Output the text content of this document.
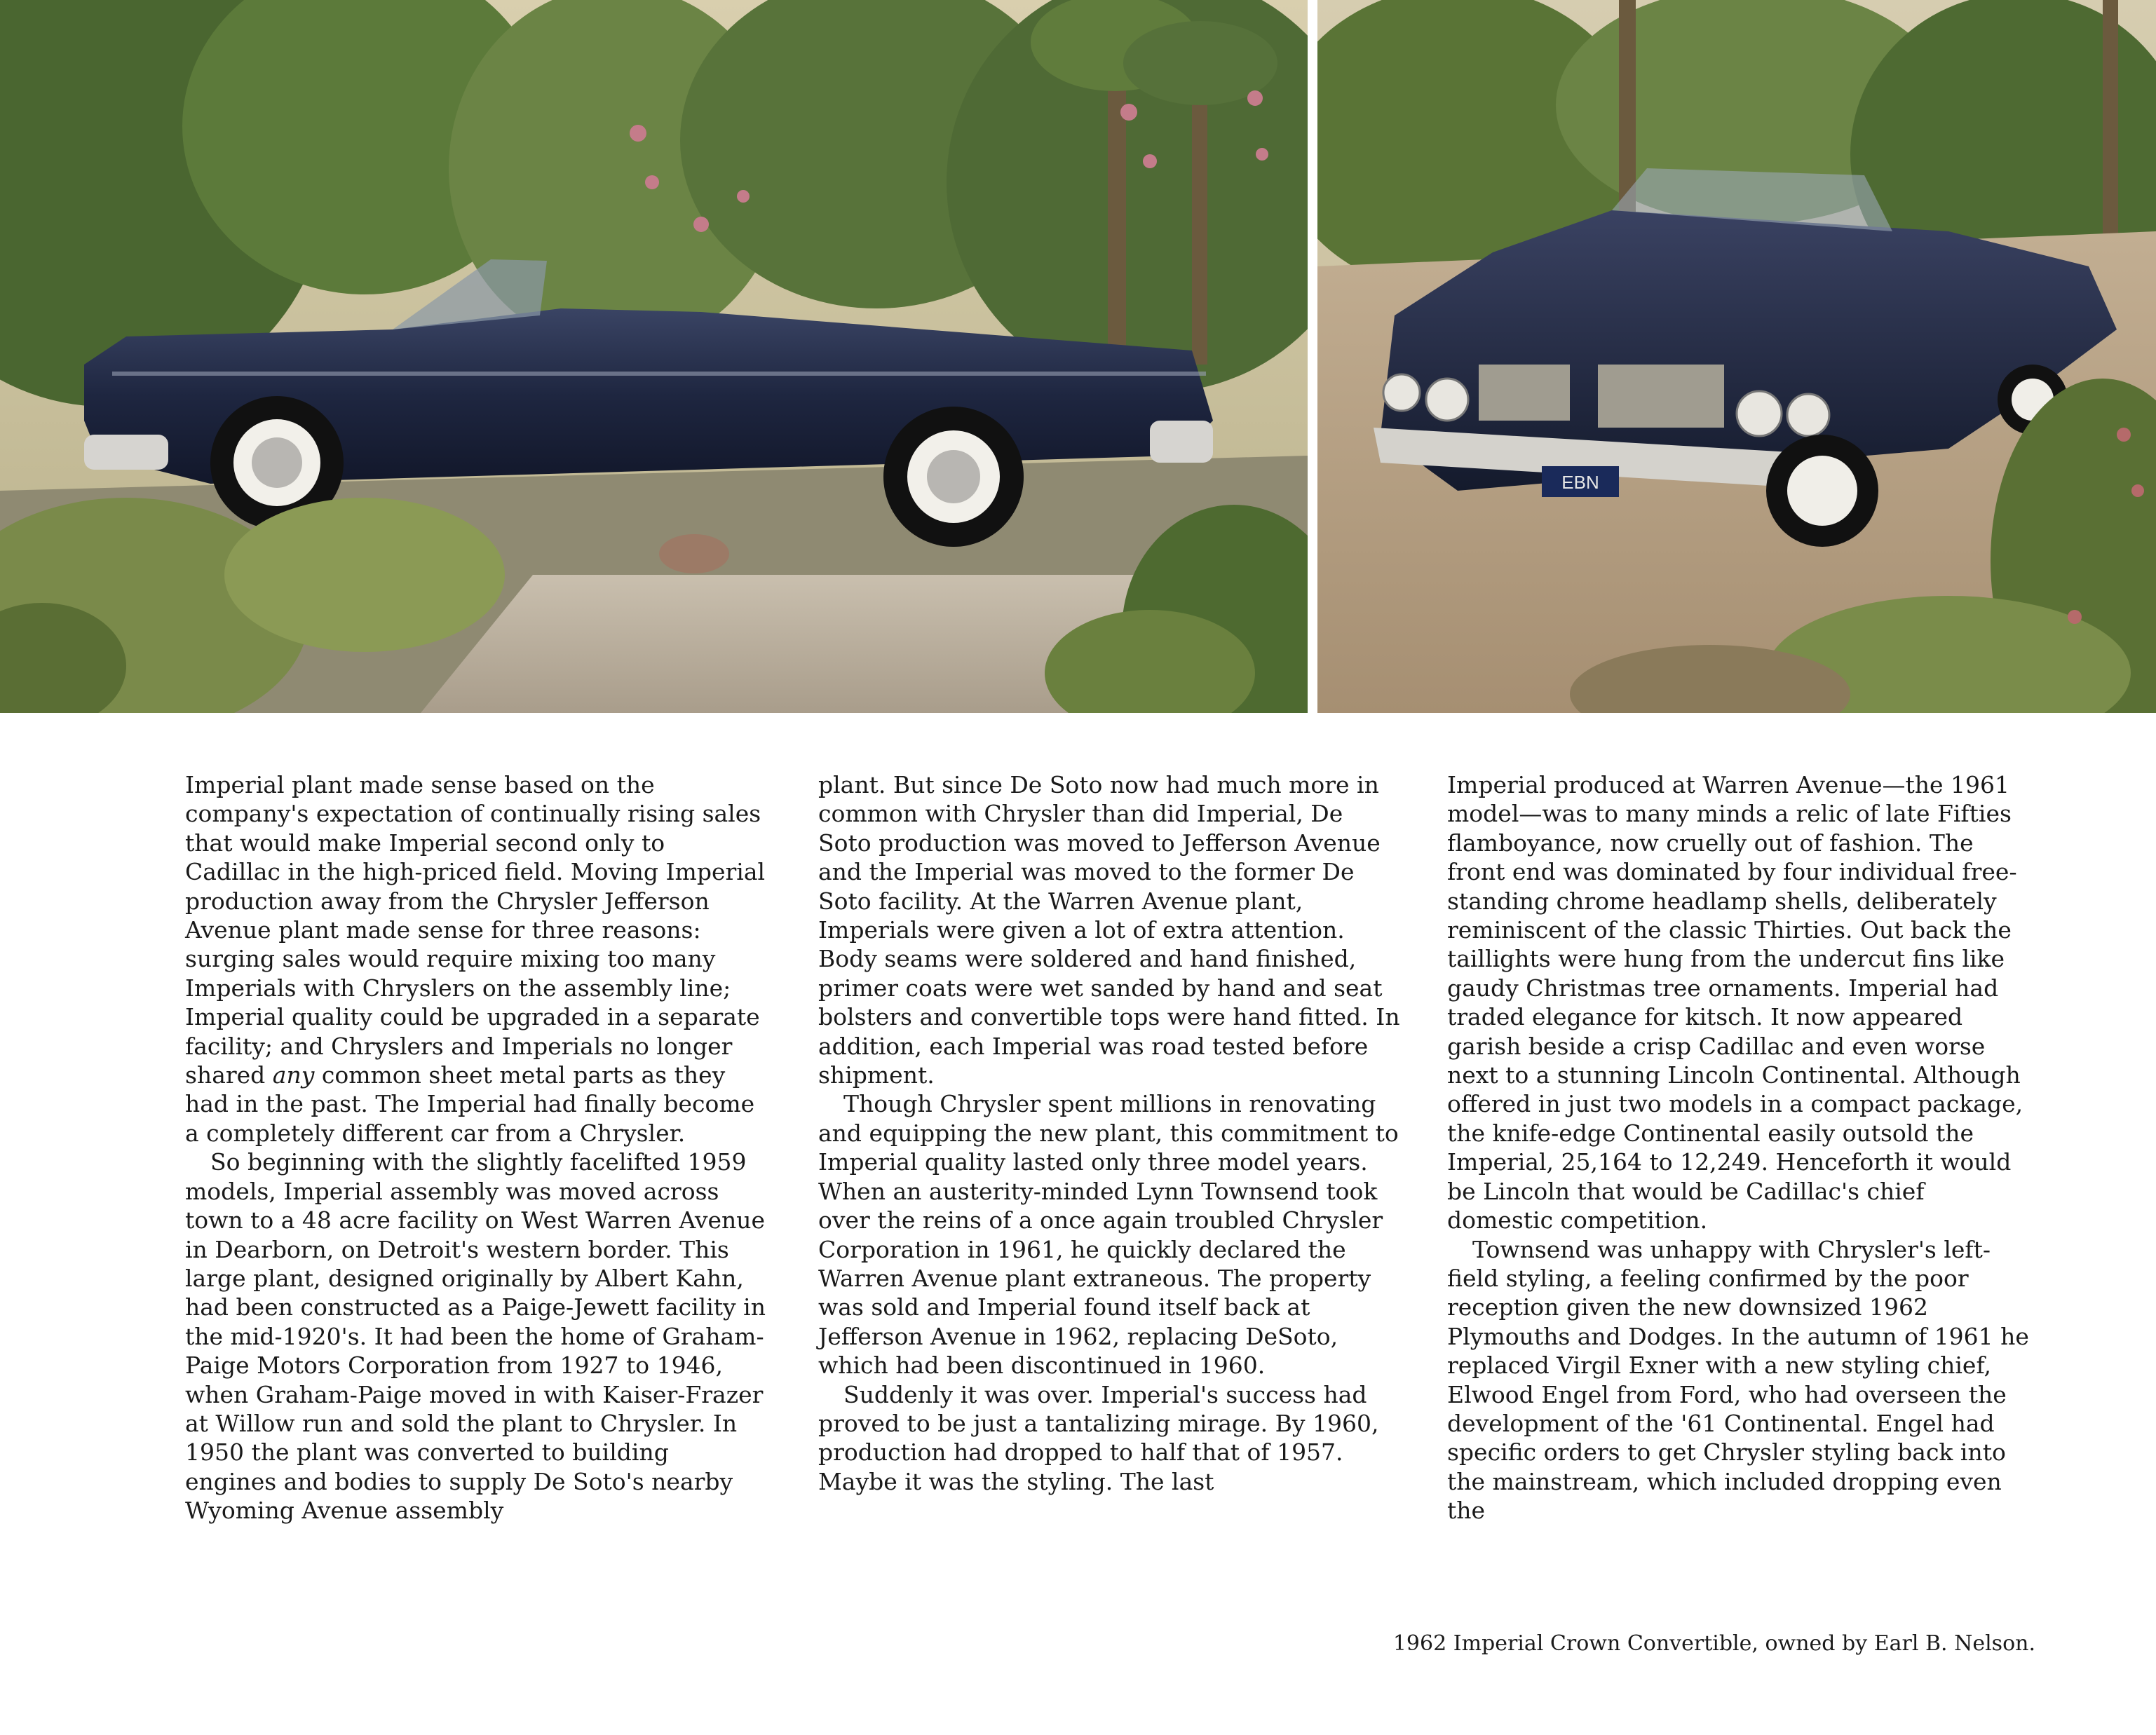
EBN

Imperial plant made sense based on the company's expectation of continually rising sales that would make Imperial second only to Cadillac in the high-priced field. Moving Imperial production away from the Chrysler Jefferson Avenue plant made sense for three reasons: surging sales would require mixing too many Imperials with Chryslers on the assembly line; Imperial quality could be upgraded in a separate facility; and Chryslers and Imperials no longer shared any common sheet metal parts as they had in the past. The Imperial had finally become a completely different car from a Chrysler.

So beginning with the slightly facelifted 1959 models, Imperial assembly was moved across town to a 48 acre facility on West Warren Avenue in Dearborn, on Detroit's western border. This large plant, designed originally by Albert Kahn, had been constructed as a Paige-Jewett facility in the mid-1920's. It had been the home of Graham-Paige Motors Corporation from 1927 to 1946, when Graham-Paige moved in with Kaiser-Frazer at Willow run and sold the plant to Chrysler. In 1950 the plant was converted to building engines and bodies to supply De Soto's nearby Wyoming Avenue assembly

plant. But since De Soto now had much more in common with Chrysler than did Imperial, De Soto production was moved to Jefferson Avenue and the Imperial was moved to the former De Soto facility. At the Warren Avenue plant, Imperials were given a lot of extra attention. Body seams were soldered and hand finished, primer coats were wet sanded by hand and seat bolsters and convertible tops were hand fitted. In addition, each Imperial was road tested before shipment.

Though Chrysler spent millions in renovating and equipping the new plant, this commitment to Imperial quality lasted only three model years. When an austerity-minded Lynn Townsend took over the reins of a once again troubled Chrysler Corporation in 1961, he quickly declared the Warren Avenue plant extraneous. The property was sold and Imperial found itself back at Jefferson Avenue in 1962, replacing DeSoto, which had been discontinued in 1960.

Suddenly it was over. Imperial's success had proved to be just a tantalizing mirage. By 1960, production had dropped to half that of 1957. Maybe it was the styling. The last

Imperial produced at Warren Avenue—the 1961 model—was to many minds a relic of late Fifties flamboyance, now cruelly out of fashion. The front end was dominated by four individual free-standing chrome headlamp shells, deliberately reminiscent of the classic Thirties. Out back the taillights were hung from the undercut fins like gaudy Christmas tree ornaments. Imperial had traded elegance for kitsch. It now appeared garish beside a crisp Cadillac and even worse next to a stunning Lincoln Continental. Although offered in just two models in a compact package, the knife-edge Continental easily outsold the Imperial, 25,164 to 12,249. Henceforth it would be Lincoln that would be Cadillac's chief domestic competition.

Townsend was unhappy with Chrysler's left-field styling, a feeling confirmed by the poor reception given the new downsized 1962 Plymouths and Dodges. In the autumn of 1961 he replaced Virgil Exner with a new styling chief, Elwood Engel from Ford, who had overseen the development of the '61 Continental. Engel had specific orders to get Chrysler styling back into the mainstream, which included dropping even the

1962 Imperial Crown Convertible, owned by Earl B. Nelson.
